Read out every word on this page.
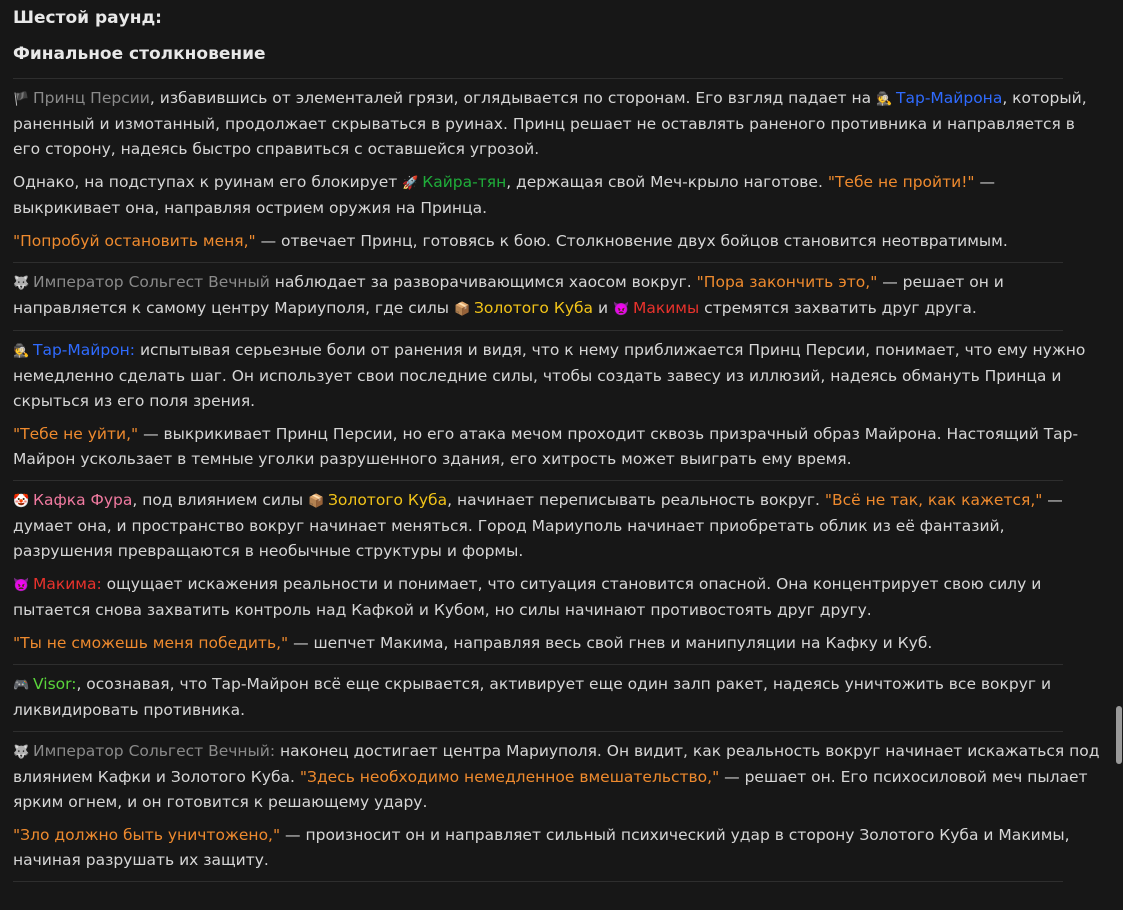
Шестой раунд:
Финальное столкновение

🏴 Принц Персии, избавившись от элементалей грязи, оглядывается по сторонам. Его взгляд падает на 🕵 Тар-Майрона, который, раненный и измотанный, продолжает скрываться в руинах. Принц решает не оставлять раненого противника и направляется в его сторону, надеясь быстро справиться с оставшейся угрозой.

Однако, на подступах к руинам его блокирует 🚀 Кайра-тян, держащая свой Меч-крыло наготове. "Тебе не пройти!" — выкрикивает она, направляя острием оружия на Принца.

"Попробуй остановить меня," — отвечает Принц, готовясь к бою. Столкновение двух бойцов становится неотвратимым.

🐺 Император Сольгест Вечный наблюдает за разворачивающимся хаосом вокруг. "Пора закончить это," — решает он и направляется к самому центру Мариуполя, где силы 📦 Золотого Куба и 👿 Макимы стремятся захватить друг друга.

🕵 Тар-Майрон: испытывая серьезные боли от ранения и видя, что к нему приближается Принц Персии, понимает, что ему нужно немедленно сделать шаг. Он использует свои последние силы, чтобы создать завесу из иллюзий, надеясь обмануть Принца и скрыться из его поля зрения.

"Тебе не уйти," — выкрикивает Принц Персии, но его атака мечом проходит сквозь призрачный образ Майрона. Настоящий Тар-Майрон ускользает в темные уголки разрушенного здания, его хитрость может выиграть ему время.

🤡 Кафка Фура, под влиянием силы 📦 Золотого Куба, начинает переписывать реальность вокруг. "Всё не так, как кажется," — думает она, и пространство вокруг начинает меняться. Город Мариуполь начинает приобретать облик из её фантазий, разрушения превращаются в необычные структуры и формы.

👿 Макима: ощущает искажения реальности и понимает, что ситуация становится опасной. Она концентрирует свою силу и пытается снова захватить контроль над Кафкой и Кубом, но силы начинают противостоять друг другу.

"Ты не сможешь меня победить," — шепчет Макима, направляя весь свой гнев и манипуляции на Кафку и Куб.

🎮 Visor:, осознавая, что Тар-Майрон всё еще скрывается, активирует еще один залп ракет, надеясь уничтожить все вокруг и ликвидировать противника.

🐺 Император Сольгест Вечный: наконец достигает центра Мариуполя. Он видит, как реальность вокруг начинает искажаться под влиянием Кафки и Золотого Куба. "Здесь необходимо немедленное вмешательство," — решает он. Его психосиловой меч пылает ярким огнем, и он готовится к решающему удару.

"Зло должно быть уничтожено," — произносит он и направляет сильный психический удар в сторону Золотого Куба и Макимы, начиная разрушать их защиту.
